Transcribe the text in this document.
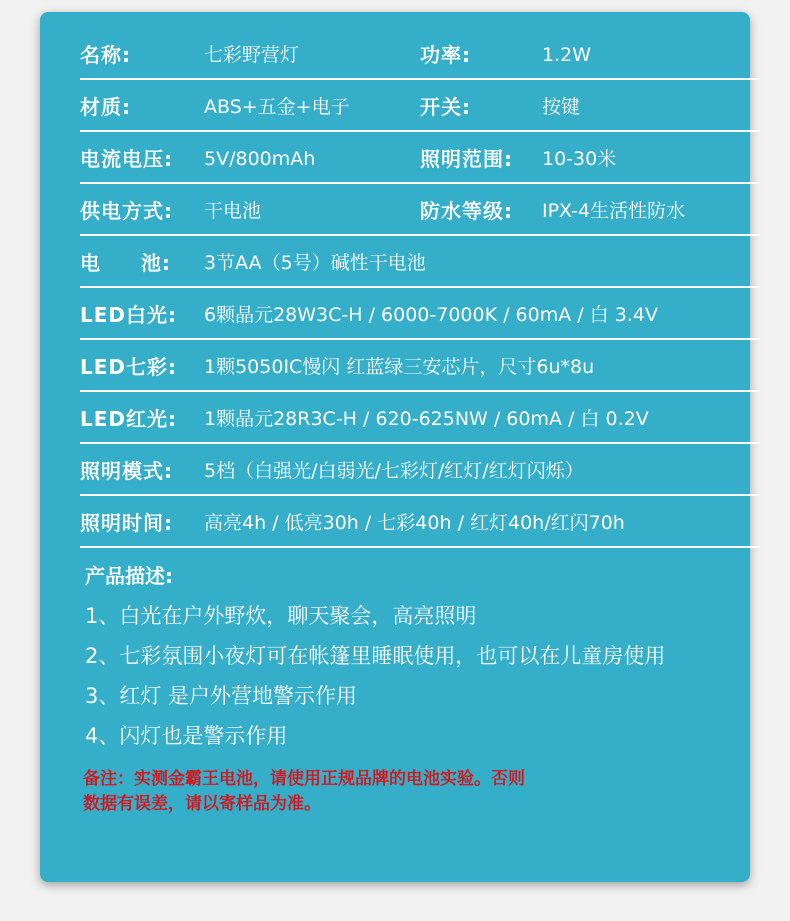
名称:	七彩野营灯	功率:	1.2W
材质:	ABS+五金+电子	开关:	按键
电流电压: 5V/800mAh	照明范围: 10-30米
供电方式: 干电池	防水等级: IPX-4生活性防水
电     池: 3节AA（5号）碱性干电池
LED白光: 6颗晶元28W3C-H / 6000-7000K / 60mA / 白 3.4V
LED七彩: 1颗5050IC慢闪 红蓝绿三安芯片，尺寸6u*8u
LED红光: 1颗晶元28R3C-H / 620-625NW / 60mA / 白 0.2V
照明模式: 5档（白强光/白弱光/七彩灯/红灯/红灯闪烁）
照明时间: 高亮4h / 低亮30h / 七彩40h / 红灯40h/红闪70h
产品描述:
1、白光在户外野炊，聊天聚会，高亮照明
2、七彩氛围小夜灯可在帐篷里睡眠使用，也可以在儿童房使用
3、红灯 是户外营地警示作用
4、闪灯也是警示作用
备注：实测金霸王电池，请使用正规品牌的电池实验。否则
数据有误差，请以寄样品为准。
